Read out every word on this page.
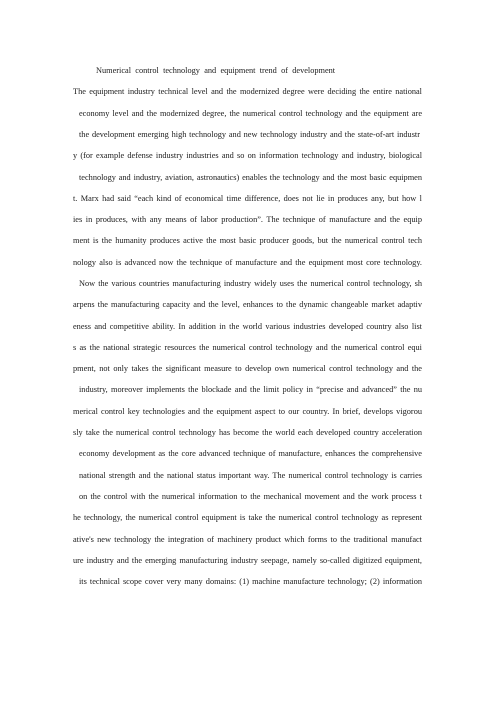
Numerical control technology and equipment trend of development
The equipment industry technical level and the modernized degree were deciding the entire national
economy level and the modernized degree, the numerical control technology and the equipment are
the development emerging high technology and new technology industry and the state-of-art industr
y (for example defense industry industries and so on information technology and industry, biological
technology and industry, aviation, astronautics) enables the technology and the most basic equipmen
t. Marx had said “each kind of economical time difference, does not lie in produces any, but how l
ies in produces, with any means of labor production”. The technique of manufacture and the equip
ment is the humanity produces active the most basic producer goods, but the numerical control tech
nology also is advanced now the technique of manufacture and the equipment most core technology.
Now the various countries manufacturing industry widely uses the numerical control technology, sh
arpens the manufacturing capacity and the level, enhances to the dynamic changeable market adaptiv
eness and competitive ability. In addition in the world various industries developed country also list
s as the national strategic resources the numerical control technology and the numerical control equi
pment, not only takes the significant measure to develop own numerical control technology and the
industry, moreover implements the blockade and the limit policy in “precise and advanced” the nu
merical control key technologies and the equipment aspect to our country. In brief, develops vigorou
sly take the numerical control technology has become the world each developed country acceleration
economy development as the core advanced technique of manufacture, enhances the comprehensive
national strength and the national status important way. The numerical control technology is carries
on the control with the numerical information to the mechanical movement and the work process t
he technology, the numerical control equipment is take the numerical control technology as represent
ative's new technology the integration of machinery product which forms to the traditional manufact
ure industry and the emerging manufacturing industry seepage, namely so-called digitized equipment,
its technical scope cover very many domains: (1) machine manufacture technology; (2) information
